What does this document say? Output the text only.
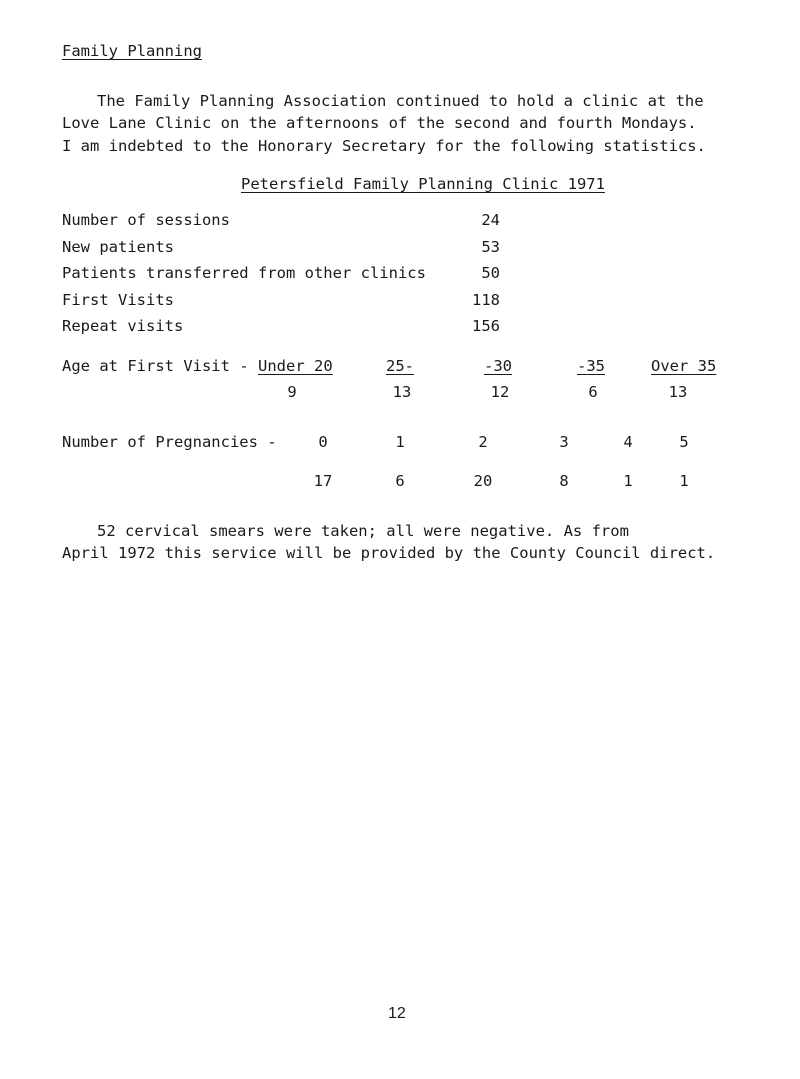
Family Planning
The Family Planning Association continued to hold a clinic at the
Love Lane Clinic on the afternoons of the second and fourth Mondays.
I am indebted to the Honorary Secretary for the following statistics.
Petersfield Family Planning Clinic 1971
Number of sessions	24
New patients	53
Patients transferred from other clinics	50
First Visits	118
Repeat visits	156
Age at First Visit - Under 20	25-	-30	-35	Over 35
9	13	12	6	13
Number of Pregnancies -	0	1	2	3	4	5
17	6	20	8	1	1
52 cervical smears were taken; all were negative. As from
April 1972 this service will be provided by the County Council direct.
12
